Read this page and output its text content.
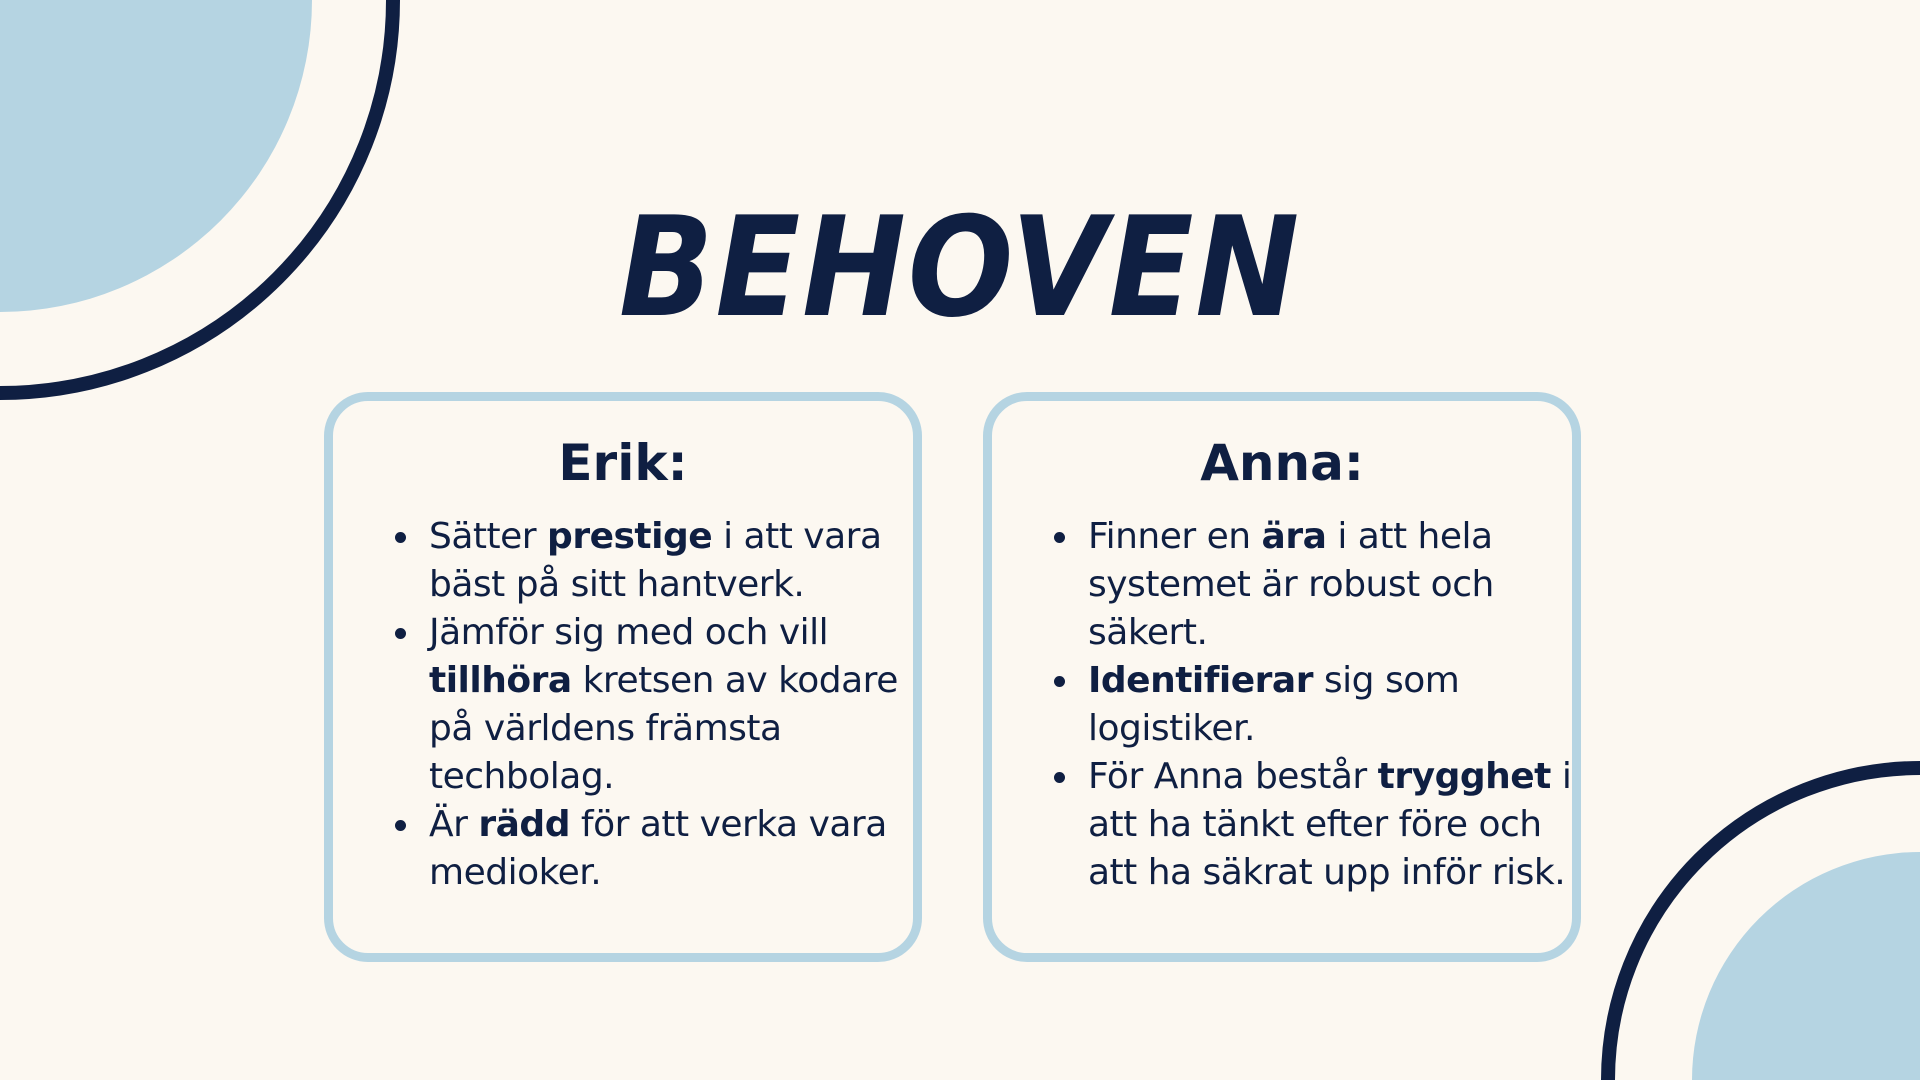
BEHOVEN
Erik:
Sätter prestige i att vara bäst på sitt hantverk.
Jämför sig med och vill tillhöra kretsen av kodare på världens främsta techbolag.
Är rädd för att verka vara medioker.
Anna:
Finner en ära i att hela systemet är robust och säkert.
Identifierar sig som logistiker.
För Anna består trygghet i att ha tänkt efter före och att ha säkrat upp inför risk.
